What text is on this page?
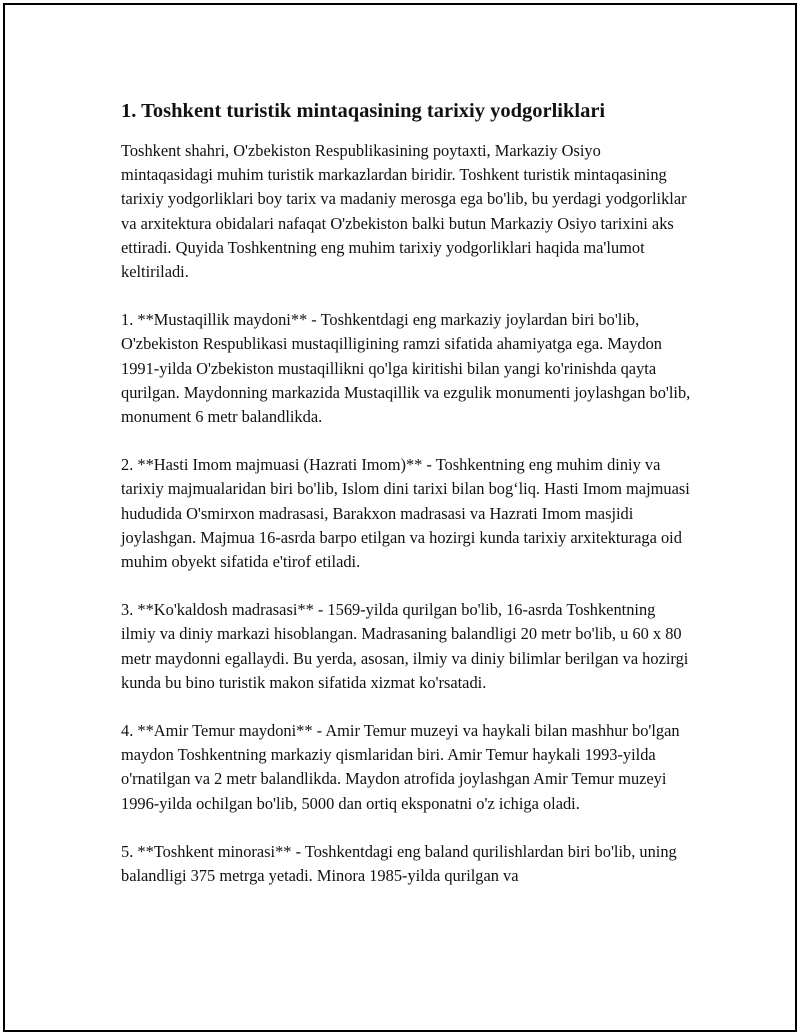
1. Toshkent turistik mintaqasining tarixiy yodgorliklari

Toshkent shahri, O'zbekiston Respublikasining poytaxti, Markaziy Osiyo mintaqasidagi muhim turistik markazlardan biridir. Toshkent turistik mintaqasining tarixiy yodgorliklari boy tarix va madaniy merosga ega bo'lib, bu yerdagi yodgorliklar va arxitektura obidalari nafaqat O'zbekiston balki butun Markaziy Osiyo tarixini aks ettiradi. Quyida Toshkentning eng muhim tarixiy yodgorliklari haqida ma'lumot keltiriladi.

1. **Mustaqillik maydoni** - Toshkentdagi eng markaziy joylardan biri bo'lib, O'zbekiston Respublikasi mustaqilligining ramzi sifatida ahamiyatga ega. Maydon 1991-yilda O'zbekiston mustaqillikni qo'lga kiritishi bilan yangi ko'rinishda qayta qurilgan. Maydonning markazida Mustaqillik va ezgulik monumenti joylashgan bo'lib, monument 6 metr balandlikda.

2. **Hasti Imom majmuasi (Hazrati Imom)** - Toshkentning eng muhim diniy va tarixiy majmualaridan biri bo'lib, Islom dini tarixi bilan bog‘liq. Hasti Imom majmuasi hududida O'smirxon madrasasi, Barakxon madrasasi va Hazrati Imom masjidi joylashgan. Majmua 16-asrda barpo etilgan va hozirgi kunda tarixiy arxitekturaga oid muhim obyekt sifatida e'tirof etiladi.

3. **Ko'kaldosh madrasasi** - 1569-yilda qurilgan bo'lib, 16-asrda Toshkentning ilmiy va diniy markazi hisoblangan. Madrasaning balandligi 20 metr bo'lib, u 60 x 80 metr maydonni egallaydi. Bu yerda, asosan, ilmiy va diniy bilimlar berilgan va hozirgi kunda bu bino turistik makon sifatida xizmat ko'rsatadi.

4. **Amir Temur maydoni** - Amir Temur muzeyi va haykali bilan mashhur bo'lgan maydon Toshkentning markaziy qismlaridan biri. Amir Temur haykali 1993-yilda o'rnatilgan va 2 metr balandlikda. Maydon atrofida joylashgan Amir Temur muzeyi 1996-yilda ochilgan bo'lib, 5000 dan ortiq eksponatni o'z ichiga oladi.

5. **Toshkent minorasi** - Toshkentdagi eng baland qurilishlardan biri bo'lib, uning balandligi 375 metrga yetadi. Minora 1985-yilda qurilgan va
